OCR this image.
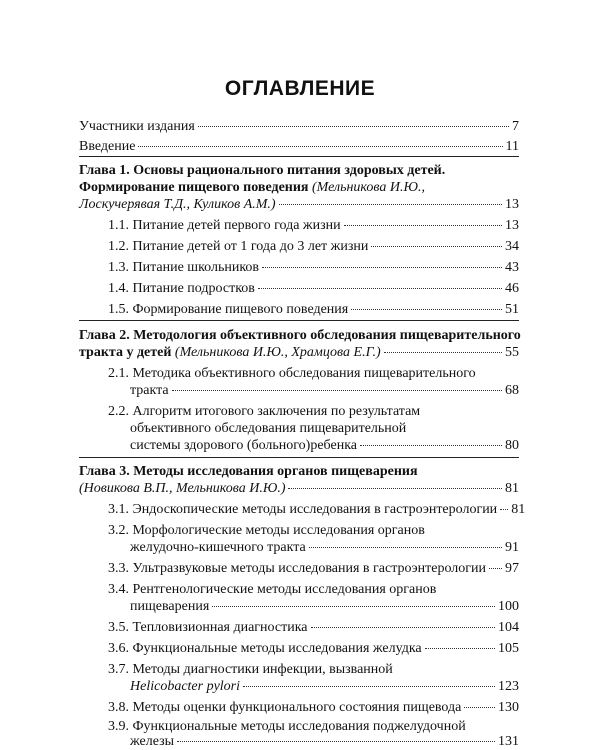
ОГЛАВЛЕНИЕ
Участники издания	7
Введение	11
Глава 1. Основы рационального питания здоровых детей.
Формирование пищевого поведения (Мельникова И.Ю.,
Лоскучерявая Т.Д., Куликов А.М.)	13
1.1. Питание детей первого года жизни	13
1.2. Питание детей от 1 года до 3 лет жизни	34
1.3. Питание школьников	43
1.4. Питание подростков	46
1.5. Формирование пищевого поведения	51
Глава 2. Методология объективного обследования пищеварительного
тракта у детей (Мельникова И.Ю., Храмцова Е.Г.)	55
2.1. Методика объективного обследования пищеварительного
тракта	68
2.2. Алгоритм итогового заключения по результатам
объективного обследования пищеварительной
системы здорового (больного)ребенка	80
Глава 3. Методы исследования органов пищеварения
(Новикова В.П., Мельникова И.Ю.)	81
3.1. Эндоскопические методы исследования в гастроэнтерологии 81
3.2. Морфологические методы исследования органов
желудочно-кишечного тракта	91
3.3. Ультразвуковые методы исследования в гастроэнтерологии 97
3.4. Рентгенологические методы исследования органов
пищеварения	100
3.5. Тепловизионная диагностика	104
3.6. Функциональные методы исследования желудка	105
3.7. Методы диагностики инфекции, вызванной
Helicobacter pylori	123
3.8. Методы оценки функционального состояния пищевода	130
3.9. Функциональные методы исследования поджелудочной
железы	131
